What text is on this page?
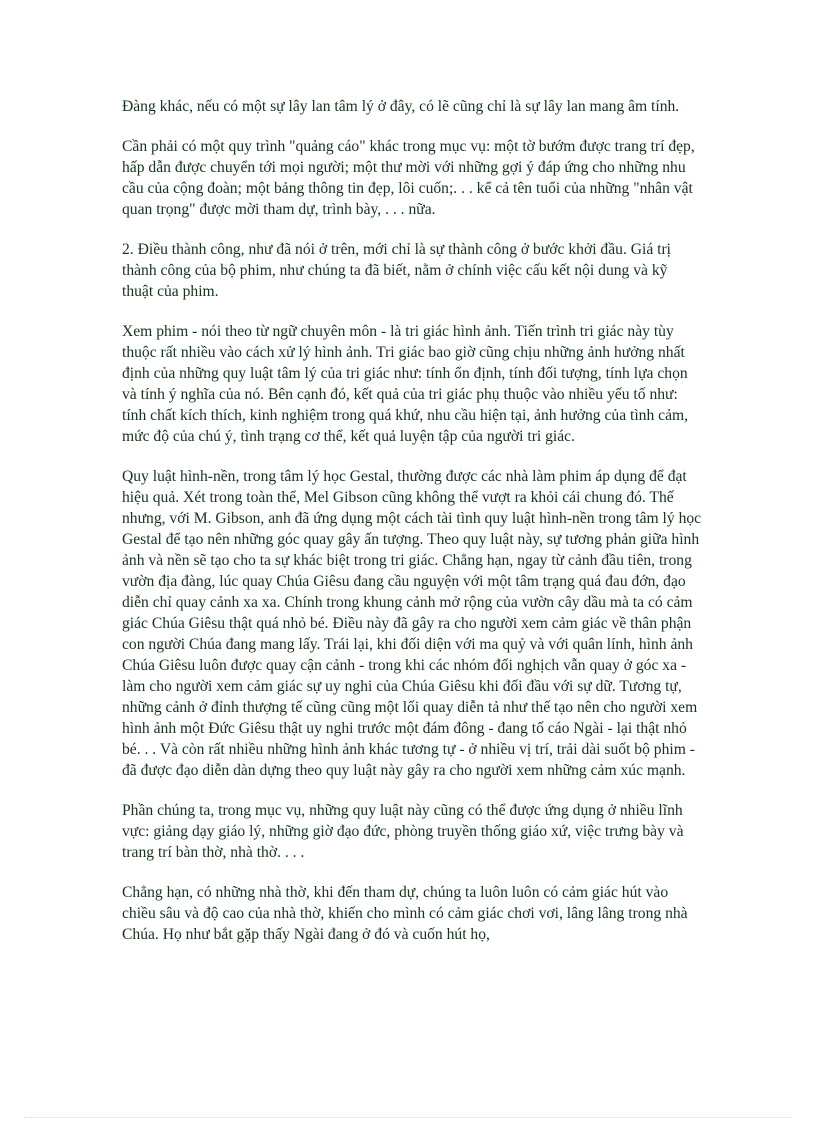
Đàng khác, nếu có một sự lây lan tâm lý ở đây, có lẽ cũng chỉ là sự lây lan mang âm tính.

Cần phải có một quy trình "quảng cáo" khác trong mục vụ: một tờ bướm được trang trí đẹp, hấp dẫn được chuyển tới mọi người; một thư mời với những gợi ý đáp ứng cho những nhu cầu của cộng đoàn; một bảng thông tin đẹp, lôi cuốn;. . . kể cả tên tuổi của những "nhân vật quan trọng" được mời tham dự, trình bày, . . . nữa.

2. Điều thành công, như đã nói ở trên, mới chỉ là sự thành công ở bước khởi đầu. Giá trị thành công của bộ phim, như chúng ta đã biết, nằm ở chính việc cấu kết nội dung và kỹ thuật của phim.

Xem phim - nói theo từ ngữ chuyên môn - là tri giác hình ảnh. Tiến trình tri giác này tùy thuộc rất nhiều vào cách xử lý hình ảnh. Tri giác bao giờ cũng chịu những ảnh hưởng nhất định của những quy luật tâm lý của tri giác như: tính ổn định, tính đối tượng, tính lựa chọn và tính ý nghĩa của nó. Bên cạnh đó, kết quả của tri giác phụ thuộc vào nhiều yếu tố như: tính chất kích thích, kinh nghiệm trong quá khứ, nhu cầu hiện tại, ảnh hưởng của tình cảm, mức độ của chú ý, tình trạng cơ thể, kết quả luyện tập của người tri giác.

Quy luật hình-nền, trong tâm lý học Gestal, thường được các nhà làm phim áp dụng để đạt hiệu quả. Xét trong toàn thể, Mel Gibson cũng không thể vượt ra khỏi cái chung đó. Thế nhưng, với M. Gibson, anh đã ứng dụng một cách tài tình quy luật hình-nền trong tâm lý học Gestal để tạo nên những góc quay gây ấn tượng. Theo quy luật này, sự tương phản giữa hình ảnh và nền sẽ tạo cho ta sự khác biệt trong tri giác. Chẳng hạn, ngay từ cảnh đầu tiên, trong vườn địa đàng, lúc quay Chúa Giêsu đang cầu nguyện với một tâm trạng quá đau đớn, đạo diễn chỉ quay cảnh xa xa. Chính trong khung cảnh mở rộng của vườn cây dầu mà ta có cảm giác Chúa Giêsu thật quá nhỏ bé. Điều này đã gây ra cho người xem cảm giác về thân phận con người Chúa đang mang lấy. Trái lại, khi đối diện với ma quỷ và với quân lính, hình ảnh Chúa Giêsu luôn được quay cận cảnh - trong khi các nhóm đối nghịch vẫn quay ở góc xa - làm cho người xem cảm giác sự uy nghi của Chúa Giêsu khi đối đầu với sự dữ. Tương tự, những cảnh ở đỉnh thượng tế cũng cũng một lối quay diễn tả như thế tạo nên cho người xem hình ảnh một Đức Giêsu thật uy nghi trước một đám đông - đang tố cáo Ngài - lại thật nhỏ bé. . . Và còn rất nhiều những hình ảnh khác tương tự - ở nhiều vị trí, trải dài suốt bộ phim - đã được đạo diễn dàn dựng theo quy luật này gây ra cho người xem những cảm xúc mạnh.

Phần chúng ta, trong mục vụ, những quy luật này cũng có thể được ứng dụng ở nhiều lĩnh vực: giảng dạy giáo lý, những giờ đạo đức, phòng truyền thống giáo xứ, việc trưng bày và trang trí bàn thờ, nhà thờ. . . .

Chẳng hạn, có những nhà thờ, khi đến tham dự, chúng ta luôn luôn có cảm giác hút vào chiều sâu và độ cao của nhà thờ, khiến cho mình có cảm giác chơi vơi, lâng lâng trong nhà Chúa. Họ như bắt gặp thấy Ngài đang ở đó và cuốn hút họ,
